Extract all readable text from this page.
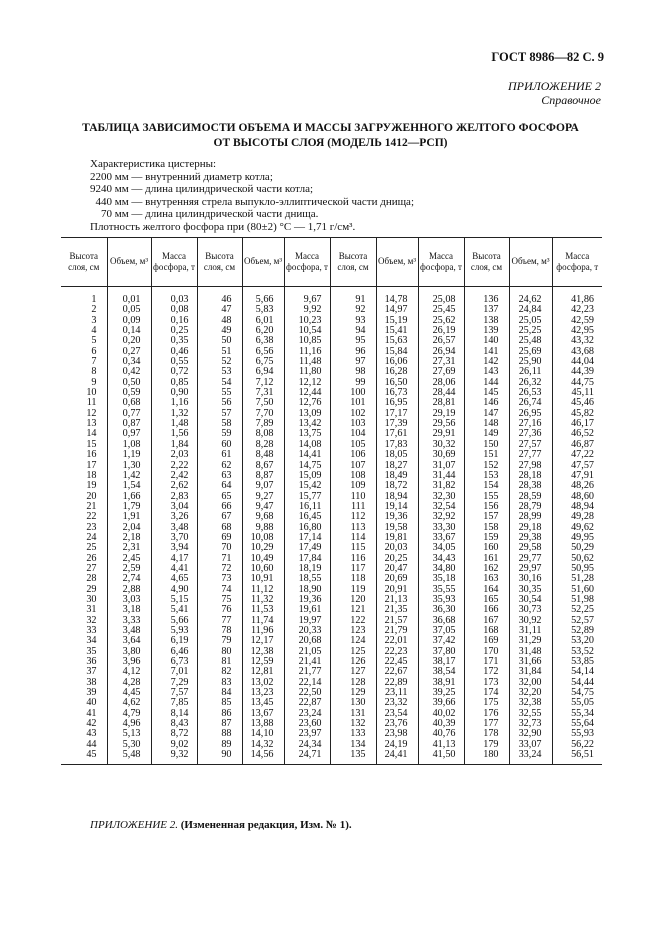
ГОСТ 8986—82 С. 9
ПРИЛОЖЕНИЕ 2
Справочное
ТАБЛИЦА ЗАВИСИМОСТИ ОБЪЕМА И МАССЫ ЗАГРУЖЕННОГО ЖЕЛТОГО ФОСФОРА
ОТ ВЫСОТЫ СЛОЯ (МОДЕЛЬ 1412—РСП)
Характеристика цистерны:
2200 мм — внутренний диаметр котла;
9240 мм — длина цилиндрической части котла;
440 мм — внутренняя стрела выпукло-эллиптической части днища;
70 мм — длина цилиндрической части днища.
Плотность желтого фосфора при (80±2) °С — 1,71 г/см³.
Высота слоя, см	Объем, м³	Масса фосфора, т	Высота слоя, см	Объем, м³	Масса фосфора, т	Высота слоя, см	Объем, м³	Масса фосфора, т	Высота слоя, см	Объем, м³	Масса фосфора, т

1	0,01	0,03	46	5,66	9,67	91	14,78	25,08	136	24,62	41,86
2	0,05	0,08	47	5,83	9,92	92	14,97	25,45	137	24,84	42,23
3	0,09	0,16	48	6,01	10,23	93	15,19	25,62	138	25,05	42,59
4	0,14	0,25	49	6,20	10,54	94	15,41	26,19	139	25,25	42,95
5	0,20	0,35	50	6,38	10,85	95	15,63	26,57	140	25,48	43,32
6	0,27	0,46	51	6,56	11,16	96	15,84	26,94	141	25,69	43,68
7	0,34	0,55	52	6,75	11,48	97	16,06	27,31	142	25,90	44,04
8	0,42	0,72	53	6,94	11,80	98	16,28	27,69	143	26,11	44,39
9	0,50	0,85	54	7,12	12,12	99	16,50	28,06	144	26,32	44,75
10	0,59	0,90	55	7,31	12,44	100	16,73	28,44	145	26,53	45,11
11	0,68	1,16	56	7,50	12,76	101	16,95	28,81	146	26,74	45,46
12	0,77	1,32	57	7,70	13,09	102	17,17	29,19	147	26,95	45,82
13	0,87	1,48	58	7,89	13,42	103	17,39	29,56	148	27,16	46,17
14	0,97	1,56	59	8,08	13,75	104	17,61	29,91	149	27,36	46,52
15	1,08	1,84	60	8,28	14,08	105	17,83	30,32	150	27,57	46,87
16	1,19	2,03	61	8,48	14,41	106	18,05	30,69	151	27,77	47,22
17	1,30	2,22	62	8,67	14,75	107	18,27	31,07	152	27,98	47,57
18	1,42	2,42	63	8,87	15,09	108	18,49	31,44	153	28,18	47,91
19	1,54	2,62	64	9,07	15,42	109	18,72	31,82	154	28,38	48,26
20	1,66	2,83	65	9,27	15,77	110	18,94	32,30	155	28,59	48,60
21	1,79	3,04	66	9,47	16,11	111	19,14	32,54	156	28,79	48,94
22	1,91	3,26	67	9,68	16,45	112	19,36	32,92	157	28,99	49,28
23	2,04	3,48	68	9,88	16,80	113	19,58	33,30	158	29,18	49,62
24	2,18	3,70	69	10,08	17,14	114	19,81	33,67	159	29,38	49,95
25	2,31	3,94	70	10,29	17,49	115	20,03	34,05	160	29,58	50,29
26	2,45	4,17	71	10,49	17,84	116	20,25	34,43	161	29,77	50,62
27	2,59	4,41	72	10,60	18,19	117	20,47	34,80	162	29,97	50,95
28	2,74	4,65	73	10,91	18,55	118	20,69	35,18	163	30,16	51,28
29	2,88	4,90	74	11,12	18,90	119	20,91	35,55	164	30,35	51,60
30	3,03	5,15	75	11,32	19,36	120	21,13	35,93	165	30,54	51,98
31	3,18	5,41	76	11,53	19,61	121	21,35	36,30	166	30,73	52,25
32	3,33	5,66	77	11,74	19,97	122	21,57	36,68	167	30,92	52,57
33	3,48	5,93	78	11,96	20,33	123	21,79	37,05	168	31,11	52,89
34	3,64	6,19	79	12,17	20,68	124	22,01	37,42	169	31,29	53,20
35	3,80	6,46	80	12,38	21,05	125	22,23	37,80	170	31,48	53,52
36	3,96	6,73	81	12,59	21,41	126	22,45	38,17	171	31,66	53,85
37	4,12	7,01	82	12,81	21,77	127	22,67	38,54	172	31,84	54,14
38	4,28	7,29	83	13,02	22,14	128	22,89	38,91	173	32,00	54,44
39	4,45	7,57	84	13,23	22,50	129	23,11	39,25	174	32,20	54,75
40	4,62	7,85	85	13,45	22,87	130	23,32	39,66	175	32,38	55,05
41	4,79	8,14	86	13,67	23,24	131	23,54	40,02	176	32,55	55,34
42	4,96	8,43	87	13,88	23,60	132	23,76	40,39	177	32,73	55,64
43	5,13	8,72	88	14,10	23,97	133	23,98	40,76	178	32,90	55,93
44	5,30	9,02	89	14,32	24,34	134	24,19	41,13	179	33,07	56,22
45	5,48	9,32	90	14,56	24,71	135	24,41	41,50	180	33,24	56,51
ПРИЛОЖЕНИЕ 2. (Измененная редакция, Изм. № 1).
